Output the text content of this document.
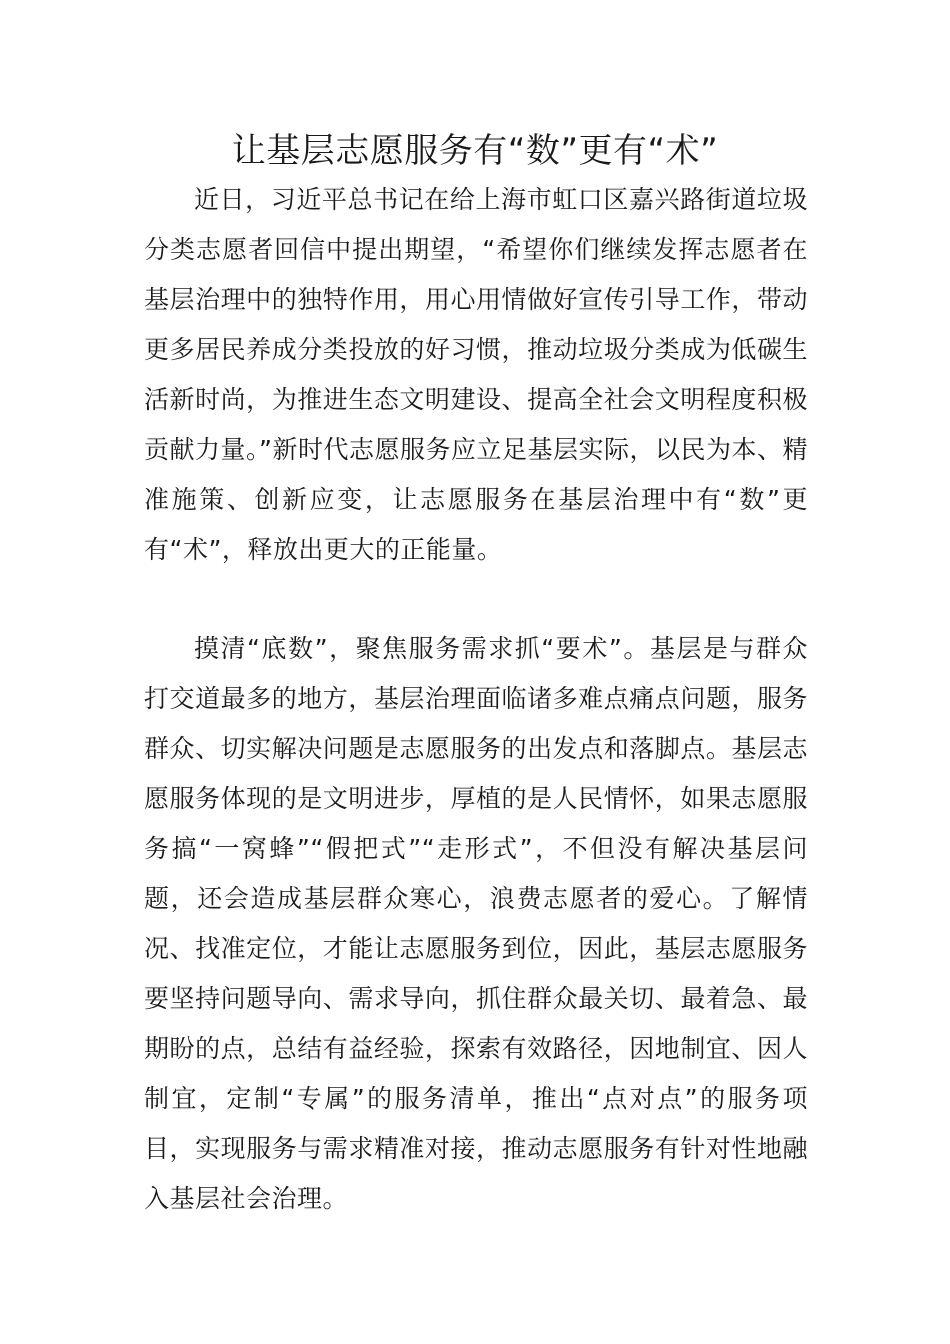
让基层志愿服务有“数”更有“术”

近日，习近平总书记在给上海市虹口区嘉兴路街道垃圾分类志愿者回信中提出期望，“希望你们继续发挥志愿者在基层治理中的独特作用，用心用情做好宣传引导工作，带动更多居民养成分类投放的好习惯，推动垃圾分类成为低碳生活新时尚，为推进生态文明建设、提高全社会文明程度积极贡献力量。”新时代志愿服务应立足基层实际，以民为本、精准施策、创新应变，让志愿服务在基层治理中有“数”更有“术”，释放出更大的正能量。

摸清“底数”，聚焦服务需求抓“要术”。基层是与群众打交道最多的地方，基层治理面临诸多难点痛点问题，服务群众、切实解决问题是志愿服务的出发点和落脚点。基层志愿服务体现的是文明进步，厚植的是人民情怀，如果志愿服务搞“一窝蜂”“假把式”“走形式”，不但没有解决基层问题，还会造成基层群众寒心，浪费志愿者的爱心。了解情况、找准定位，才能让志愿服务到位，因此，基层志愿服务要坚持问题导向、需求导向，抓住群众最关切、最着急、最期盼的点，总结有益经验，探索有效路径，因地制宜、因人制宜，定制“专属”的服务清单，推出“点对点”的服务项目，实现服务与需求精准对接，推动志愿服务有针对性地融入基层社会治理。
